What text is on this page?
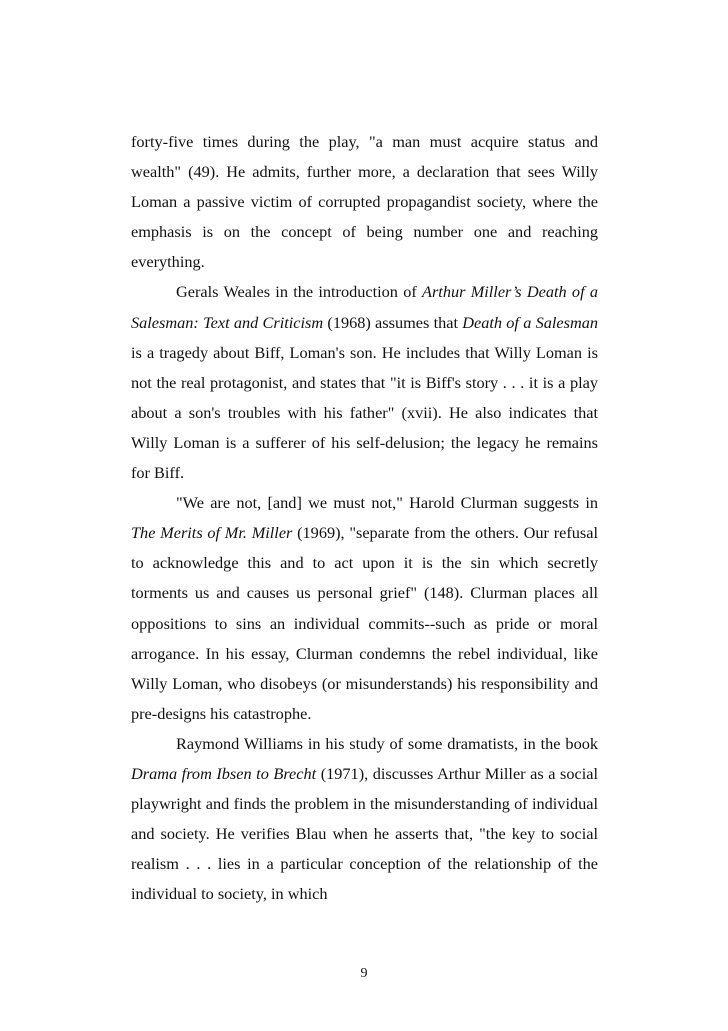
forty-five times during the play, "a man must acquire status and wealth" (49). He admits, further more, a declaration that sees Willy Loman a passive victim of corrupted propagandist society, where the emphasis is on the concept of being number one and reaching everything.

Gerals Weales in the introduction of Arthur Miller’s Death of a Salesman: Text and Criticism (1968) assumes that Death of a Salesman is a tragedy about Biff, Loman's son. He includes that Willy Loman is not the real protagonist, and states that "it is Biff's story . . . it is a play about a son's troubles with his father" (xvii). He also indicates that Willy Loman is a sufferer of his self-delusion; the legacy he remains for Biff.

"We are not, [and] we must not," Harold Clurman suggests in The Merits of Mr. Miller (1969), "separate from the others. Our refusal to acknowledge this and to act upon it is the sin which secretly torments us and causes us personal grief" (148). Clurman places all oppositions to sins an individual commits--such as pride or moral arrogance. In his essay, Clurman condemns the rebel individual, like Willy Loman, who disobeys (or misunderstands) his responsibility and pre-designs his catastrophe.

Raymond Williams in his study of some dramatists, in the book Drama from Ibsen to Brecht (1971), discusses Arthur Miller as a social playwright and finds the problem in the misunderstanding of individual and society. He verifies Blau when he asserts that, "the key to social realism . . . lies in a particular conception of the relationship of the individual to society, in which

9
